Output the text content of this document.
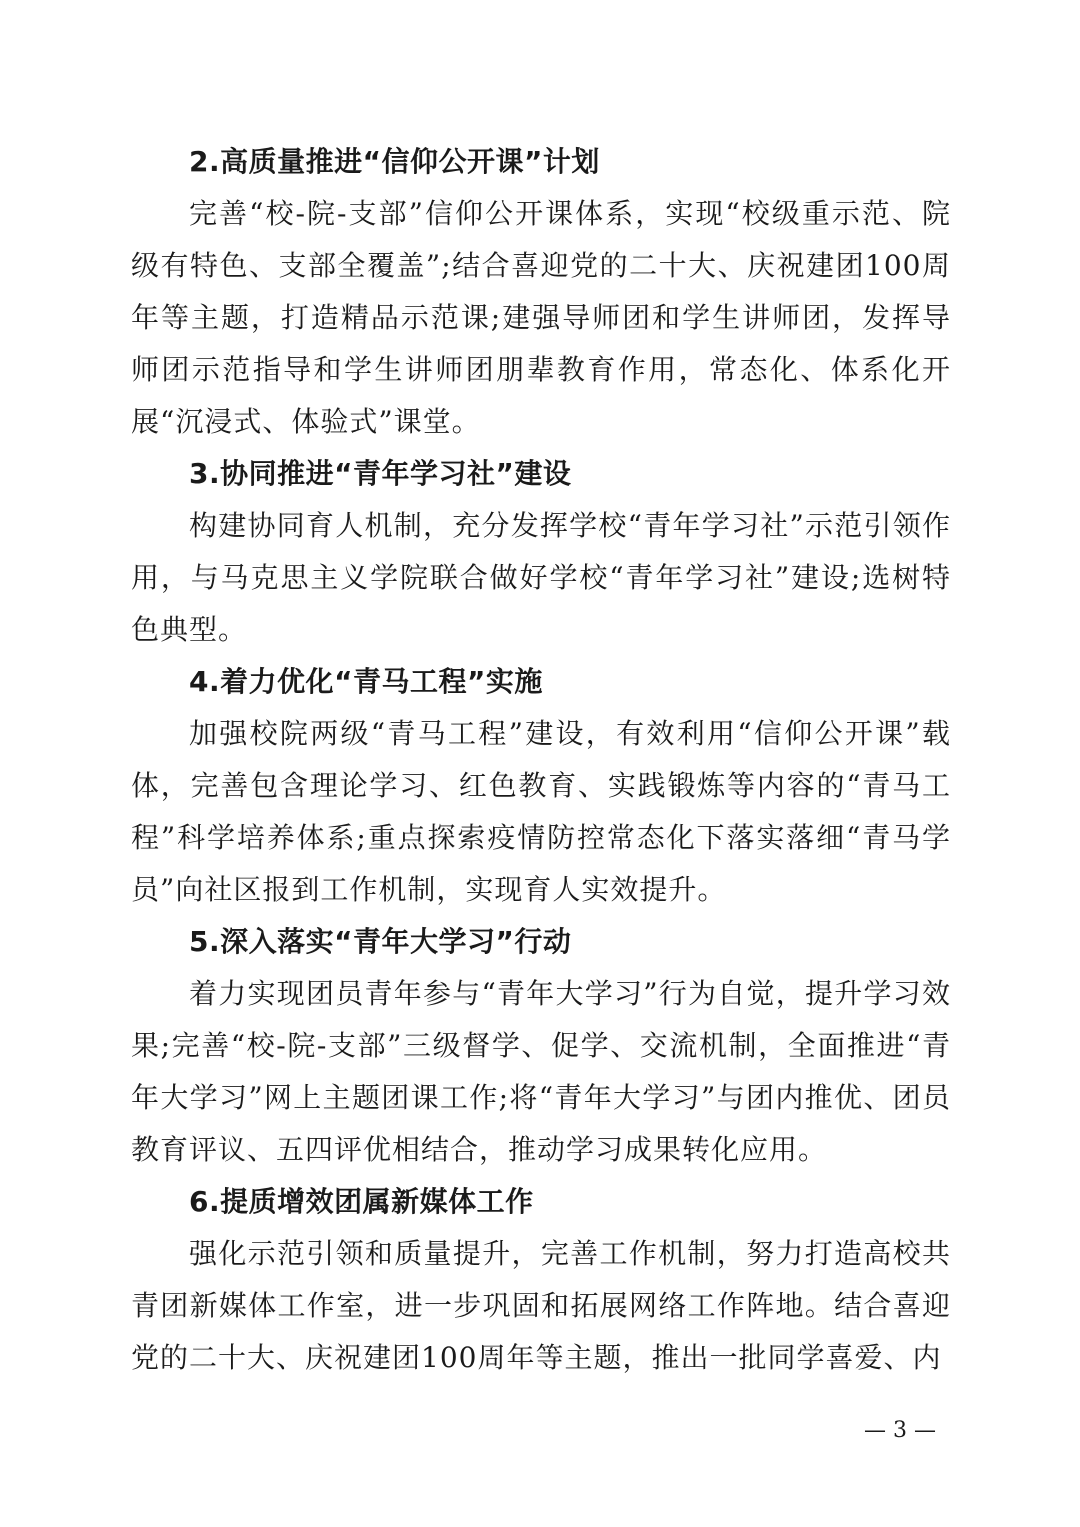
2.高质量推进“信仰公开课”计划

完善“校-院-支部”信仰公开课体系，实现“校级重示范、院级有特色、支部全覆盖”;结合喜迎党的二十大、庆祝建团100周年等主题，打造精品示范课;建强导师团和学生讲师团，发挥导师团示范指导和学生讲师团朋辈教育作用，常态化、体系化开展“沉浸式、体验式”课堂。

3.协同推进“青年学习社”建设

构建协同育人机制，充分发挥学校“青年学习社”示范引领作用，与马克思主义学院联合做好学校“青年学习社”建设;选树特色典型。

4.着力优化“青马工程”实施

加强校院两级“青马工程”建设，有效利用“信仰公开课”载体，完善包含理论学习、红色教育、实践锻炼等内容的“青马工程”科学培养体系;重点探索疫情防控常态化下落实落细“青马学员”向社区报到工作机制，实现育人实效提升。

5.深入落实“青年大学习”行动

着力实现团员青年参与“青年大学习”行为自觉，提升学习效果;完善“校-院-支部”三级督学、促学、交流机制，全面推进“青年大学习”网上主题团课工作;将“青年大学习”与团内推优、团员教育评议、五四评优相结合，推动学习成果转化应用。

6.提质增效团属新媒体工作

强化示范引领和质量提升，完善工作机制，努力打造高校共青团新媒体工作室，进一步巩固和拓展网络工作阵地。结合喜迎党的二十大、庆祝建团100周年等主题，推出一批同学喜爱、内

— 3 —
